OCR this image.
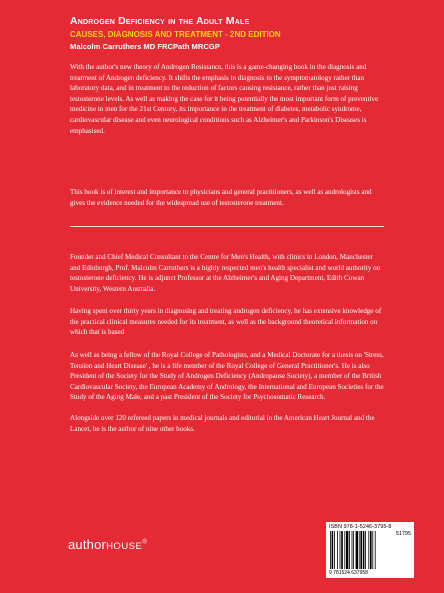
Androgen Deficiency in the Adult Male
CAUSES, DIAGNOSIS AND TREATMENT - 2ND EDITION
Malcolm Carruthers MD FRCPath MRCGP

With the author's new theory of Androgen Resistance, this is a game-changing book in the diagnosis and treatment of Androgen deficiency. It shifts the emphasis in diagnosis to the symptomatology rather than laboratory data, and in treatment to the reduction of factors causing resistance, rather than just raising testosterone levels. As well as making the case for it being potentially the most important form of preventive medicine in men for the 21st Century, its importance in the treatment of diabetes, metabolic syndrome, cardiovascular disease and even neurological conditions such as Alzheimer's and Parkinson's Diseases is emphasised.

This book is of interest and importance to physicians and general practitioners, as well as andrologists and gives the evidence needed for the widespread use of testosterone treatment.

Founder and Chief Medical Consultant to the Centre for Men's Health, with clinics in London, Manchester and Edinburgh, Prof. Malcolm Carruthers is a highly respected men's health specialist and world authority on testosterone deficiency. He is adjunct Professor at the Alzheimer's and Aging Department, Edith Cowan University, Western Australia.

Having spent over thirty years in diagnosing and treating androgen deficiency, he has extensive knowledge of the practical clinical measures needed for its treatment, as well as the background theoretical information on which that is based

As well as being a fellow of the Royal College of Pathologists, and a Medical Doctorate for a thesis on 'Stress, Tension and Heart Disease' , he is a life member of the Royal College of General Practitioner's. He is also President of the Society for the Study of Androgen Deficiency (Andropause Society), a member of the British Cardiovascular Society, the European Academy of Andrology, the International and European Societies for the Study of the Aging Male, and a past President of the Society for Psychosomatic Research.

Alongside over 120 refereed papers in medical journals and editorial in the American Heart Journal and the Lancet, he is the author of nine other books.

authorHOUSE®
ISBN 978-1-5246-3795-8
51795
9 781524 637958
